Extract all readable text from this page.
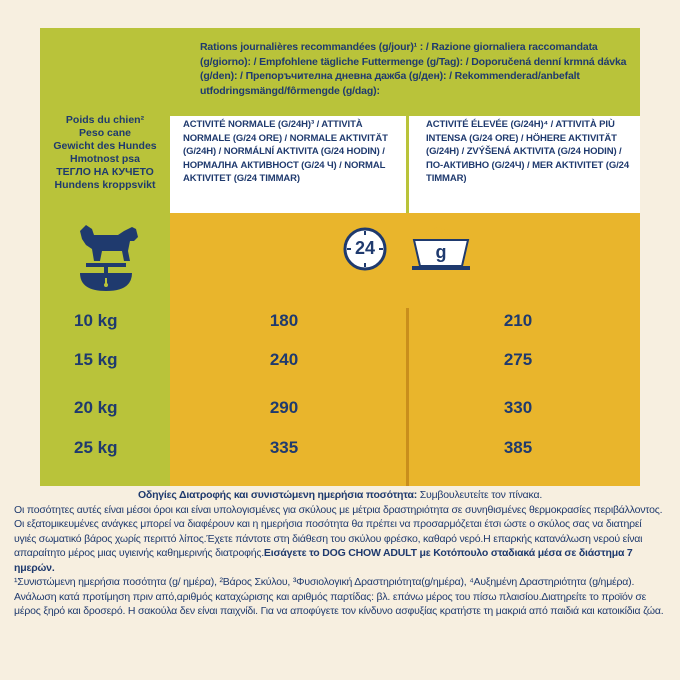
Rations journalières recommandées (g/jour)¹ : / Razione giornaliera raccomandata (g/giorno): / Empfohlene tägliche Futtermenge (g/Tag): / Doporučená denní krmná dávka (g/den): / Препоръчителна дневна дажба (g/ден): / Rekommenderad/anbefalt utfodringsmängd/fôrmengde (g/dag):
Poids du chien²
Peso cane
Gewicht des Hundes
Hmotnost psa
ТЕГЛО НА КУЧЕТО
Hundens kroppsvikt
ACTIVITÉ NORMALE (G/24H)³ / ATTIVITÀ NORMALE (G/24 ORE) / NORMALE AKTIVITÄT (G/24H) / NORMÁLNÍ AKTIVITA (G/24 HODIN) / НОРМАЛНА АКТИВНОСТ (G/24 Ч) / NORMAL AKTIVITET (G/24 TIMMAR)
ACTIVITÉ ÉLEVÉE (G/24H)⁴ / ATTIVITÀ PIÙ INTENSA (G/24 ORE) / HÖHERE AKTIVITÄT (G/24H) / ZVÝŠENÁ AKTIVITA (G/24 HODIN) / ПО-АКТИВНО (G/24Ч) / MER AKTIVITET (G/24 TIMMAR)
24	g
10 kg	180	210
15 kg	240	275
20 kg	290	330
25 kg	335	385
Οδηγίες Διατροφής και συνιστώμενη ημερήσια ποσότητα: Συμβουλευτείτε τον πίνακα.
Οι ποσότητες αυτές είναι μέσοι όροι και είναι υπολογισμένες για σκύλους με μέτρια δραστηριότητα σε συνηθισμένες θερμοκρασίες περιβάλλοντος. Οι εξατομικευμένες ανάγκες μπορεί να διαφέρουν και η ημερήσια ποσότητα θα πρέπει να προσαρμόζεται έτσι ώστε ο σκύλος σας να διατηρεί υγιές σωματικό βάρος χωρίς περιττό λίπος.Έχετε πάντοτε στη διάθεση του σκύλου φρέσκο, καθαρό νερό.Η επαρκής κατανάλωση νερού είναι απαραίτητο μέρος μιας υγιεινής καθημερινής διατροφής.Εισάγετε το DOG CHOW ADULT με Κοτόπουλο σταδιακά μέσα σε διάστημα 7 ημερών.
¹Συνιστώμενη ημερήσια ποσότητα (g/ ημέρα), ²Βάρος Σκύλου, ³Φυσιολογική Δραστηριότητα(g/ημέρα), ⁴Αυξημένη Δραστηριότητα (g/ημέρα). Ανάλωση κατά προτίμηση πριν από,αριθμός καταχώρισης και αριθμός παρτίδας: βλ. επάνω μέρος του πίσω πλαισίου.Διατηρείτε το προϊόν σε μέρος ξηρό και δροσερό. Η σακούλα δεν είναι παιχνίδι. Για να αποφύγετε τον κίνδυνο ασφυξίας κρατήστε τη μακριά από παιδιά και κατοικίδια ζώα.
